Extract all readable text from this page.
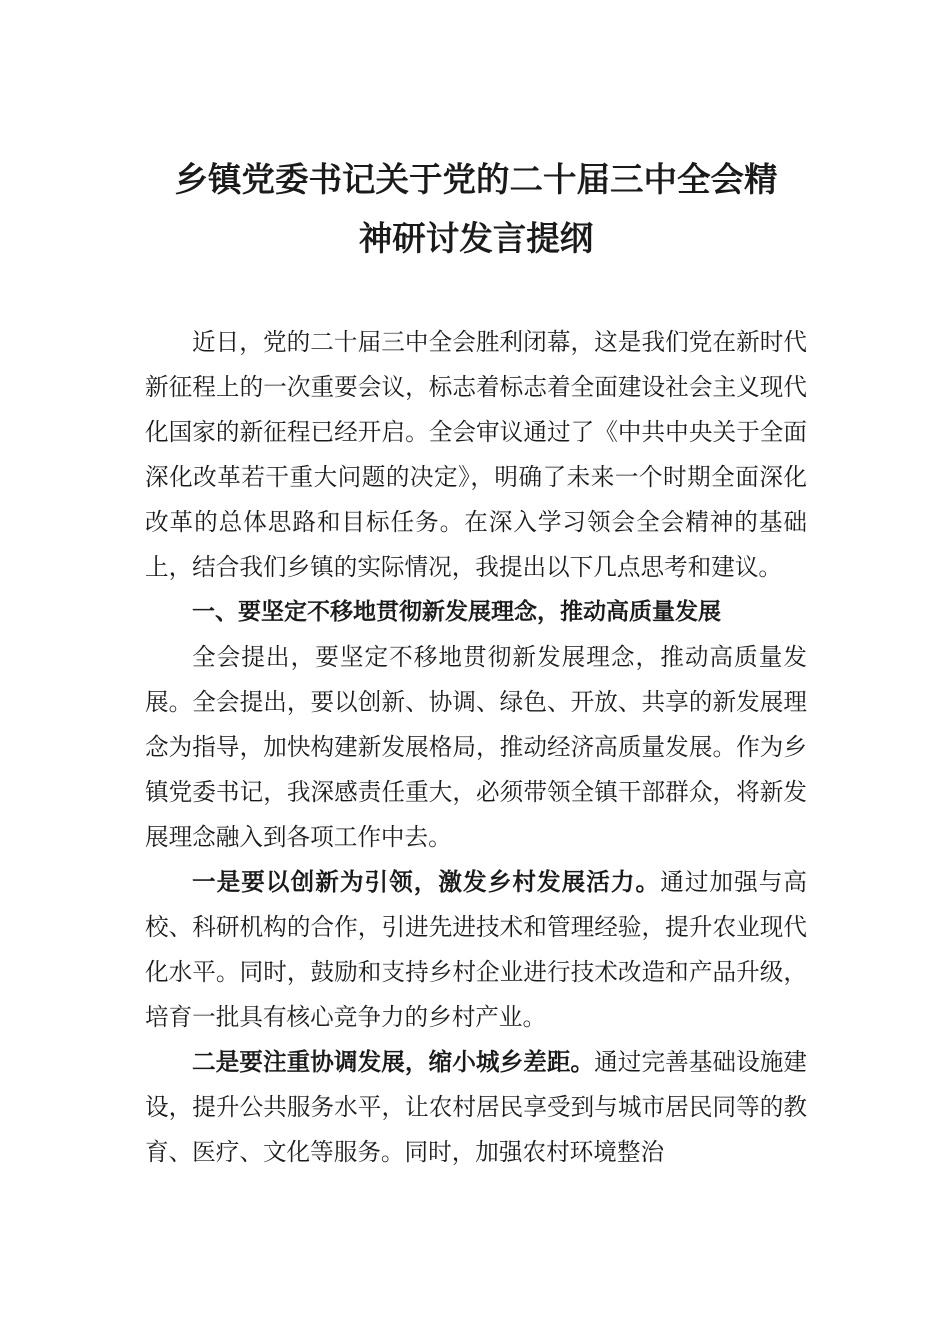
乡镇党委书记关于党的二十届三中全会精
神研讨发言提纲

近日，党的二十届三中全会胜利闭幕，这是我们党在新时代新征程上的一次重要会议，标志着标志着全面建设社会主义现代化国家的新征程已经开启。全会审议通过了《中共中央关于全面深化改革若干重大问题的决定》，明确了未来一个时期全面深化改革的总体思路和目标任务。在深入学习领会全会精神的基础上，结合我们乡镇的实际情况，我提出以下几点思考和建议。

一、要坚定不移地贯彻新发展理念，推动高质量发展

全会提出，要坚定不移地贯彻新发展理念，推动高质量发展。全会提出，要以创新、协调、绿色、开放、共享的新发展理念为指导，加快构建新发展格局，推动经济高质量发展。作为乡镇党委书记，我深感责任重大，必须带领全镇干部群众，将新发展理念融入到各项工作中去。

一是要以创新为引领，激发乡村发展活力。通过加强与高校、科研机构的合作，引进先进技术和管理经验，提升农业现代化水平。同时，鼓励和支持乡村企业进行技术改造和产品升级，培育一批具有核心竞争力的乡村产业。

二是要注重协调发展，缩小城乡差距。通过完善基础设施建设，提升公共服务水平，让农村居民享受到与城市居民同等的教育、医疗、文化等服务。同时，加强农村环境整治
